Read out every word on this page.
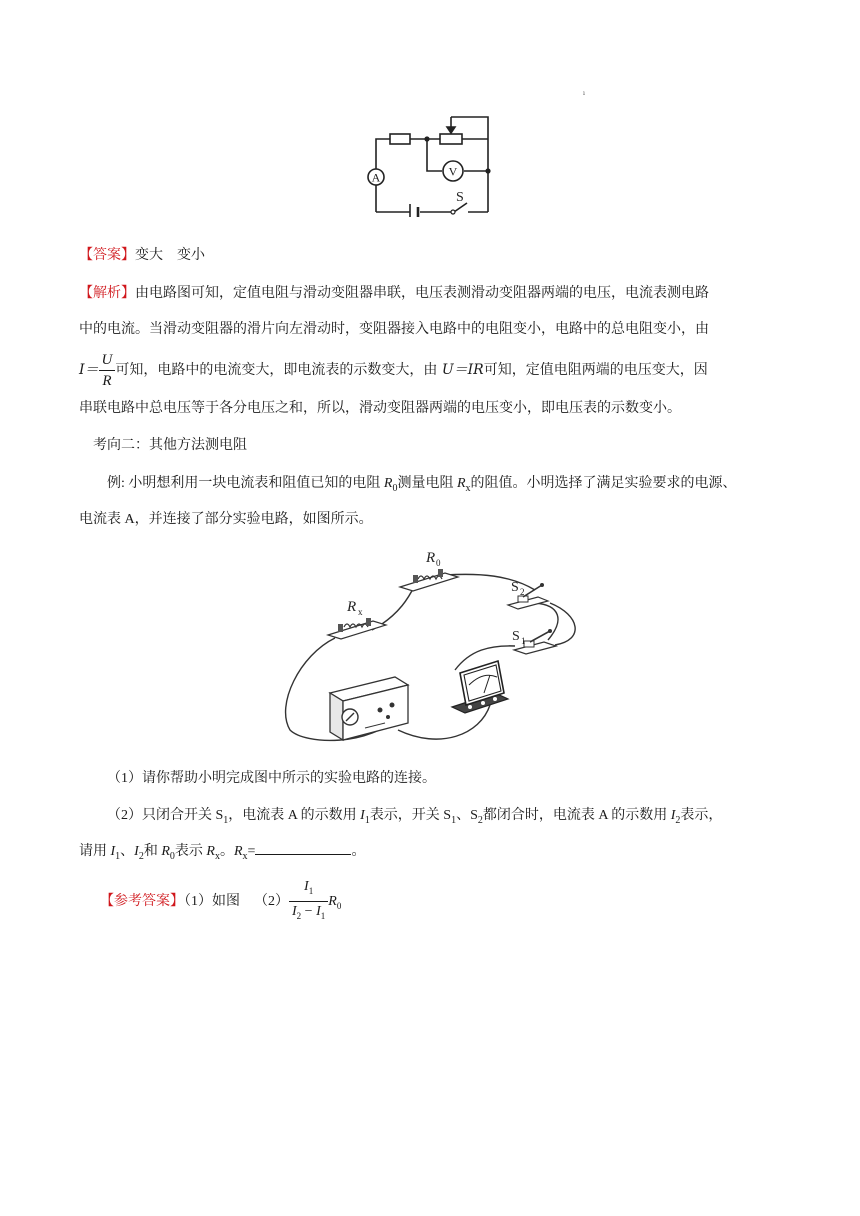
ı
A	V
S
【答案】变大　变小
【解析】由电路图可知，定值电阻与滑动变阻器串联，电压表测滑动变阻器两端的电压，电流表测电路
中的电流。当滑动变阻器的滑片向左滑动时，变阻器接入电路中的电阻变小，电路中的总电阻变小，由
$I= \frac{U}{R}$ 可知，电路中的电流变大，即电流表的示数变大，由 U＝IR可知，定值电阻两端的电压变大，因
串联电路中总电压等于各分电压之和，所以，滑动变阻器两端的电压变小，即电压表的示数变小。
考向二：其他方法测电阻
例: 小明想利用一块电流表和阻值已知的电阻 $R_0$测量电阻 $R_x$的阻值。小明选择了满足实验要求的电源、
电流表 A，并连接了部分实验电路，如图所示。
R 0
R x
S 2
S 1
（1）请你帮助小明完成图中所示的实验电路的连接。
（2）只闭合开关 $S_1$，电流表 A 的示数用 $I_1$表示，开关 $S_1$、$S_2$都闭合时，电流表 A 的示数用 $I_2$表示，
请用 $I_1$、$I_2$和 $R_0$表示 $R_x$。$R_x=$	。
【参考答案】（1）如图 $(2) \frac{I_1}{I_2 - I_1} R_0$
